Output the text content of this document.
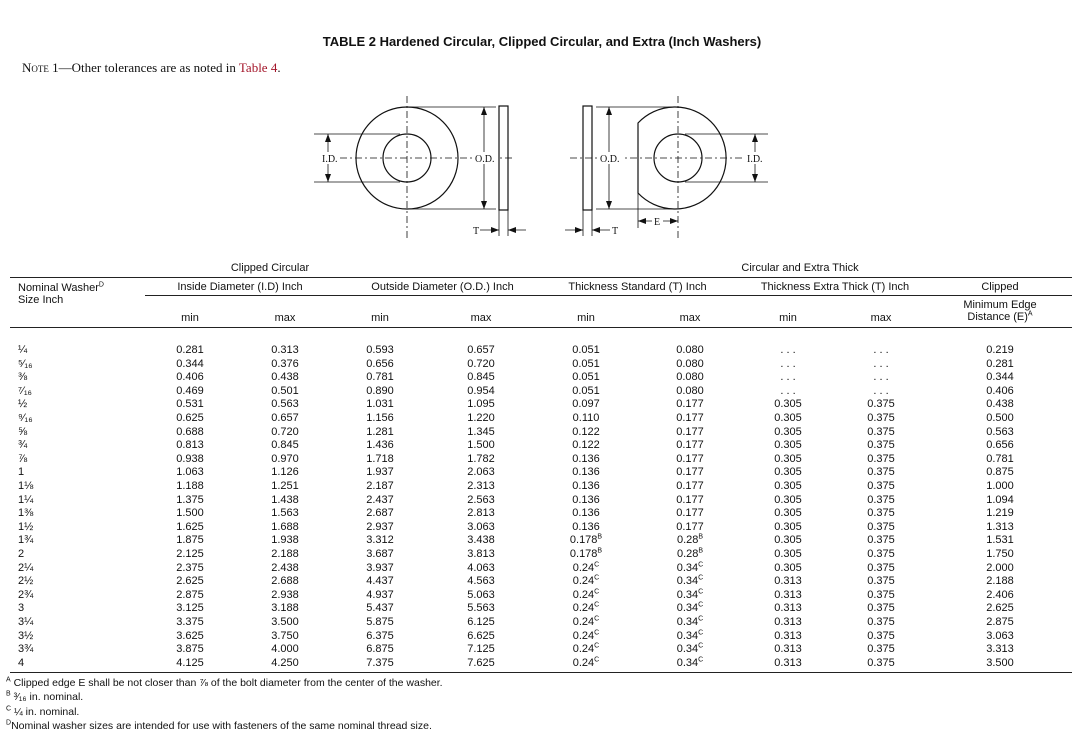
TABLE 2 Hardened Circular, Clipped Circular, and Extra (Inch Washers)
Note 1—Other tolerances are as noted in Table 4.
I.D.	O.D.
T
O.D.	I.D.
T
E
Clipped Circular	Circular and Extra Thick
Nominal Washer$^D$
Size Inch
Inside Diameter (I.D) Inch	Outside Diameter (O.D.) Inch	Thickness Standard (T) Inch	Thickness Extra Thick (T) Inch	Clipped
Minimum Edge
Distance $(E)^A$
min	max	min	max	min	max	min	max
¼	0.281	0.313	0.593	0.657	0.051	0.080	. . .	. . .	0.219
⁵⁄₁₆	0.344	0.376	0.656	0.720	0.051	0.080	. . .	. . .	0.281
⅜	0.406	0.438	0.781	0.845	0.051	0.080	. . .	. . .	0.344
⁷⁄₁₆	0.469	0.501	0.890	0.954	0.051	0.080	. . .	. . .	0.406
½	0.531	0.563	1.031	1.095	0.097	0.177	0.305	0.375	0.438
⁹⁄₁₆	0.625	0.657	1.156	1.220	0.110	0.177	0.305	0.375	0.500
⅝	0.688	0.720	1.281	1.345	0.122	0.177	0.305	0.375	0.563
¾	0.813	0.845	1.436	1.500	0.122	0.177	0.305	0.375	0.656
⅞	0.938	0.970	1.718	1.782	0.136	0.177	0.305	0.375	0.781
1	1.063	1.126	1.937	2.063	0.136	0.177	0.305	0.375	0.875
1⅛	1.188	1.251	2.187	2.313	0.136	0.177	0.305	0.375	1.000
1¼	1.375	1.438	2.437	2.563	0.136	0.177	0.305	0.375	1.094
1⅜	1.500	1.563	2.687	2.813	0.136	0.177	0.305	0.375	1.219
1½	1.625	1.688	2.937	3.063	0.136	0.177	0.305	0.375	1.313
1¾	1.875	1.938	3.312	3.438	$0.178^B$	$0.28^B$	0.305	0.375	1.531
2	2.125	2.188	3.687	3.813	$0.178^B$	$0.28^B$	0.305	0.375	1.750
2¼	2.375	2.438	3.937	4.063	$0.24^C$	$0.34^C$	0.305	0.375	2.000
2½	2.625	2.688	4.437	4.563	$0.24^C$	$0.34^C$	0.313	0.375	2.188
2¾	2.875	2.938	4.937	5.063	$0.24^C$	$0.34^C$	0.313	0.375	2.406
3	3.125	3.188	5.437	5.563	$0.24^C$	$0.34^C$	0.313	0.375	2.625
3¼	3.375	3.500	5.875	6.125	$0.24^C$	$0.34^C$	0.313	0.375	2.875
3½	3.625	3.750	6.375	6.625	$0.24^C$	$0.34^C$	0.313	0.375	3.063
3¾	3.875	4.000	6.875	7.125	$0.24^C$	$0.34^C$	0.313	0.375	3.313
4	4.125	4.250	7.375	7.625	$0.24^C$	$0.34^C$	0.313	0.375	3.500
$^A$ Clipped edge E shall be not closer than ⅞ of the bolt diameter from the center of the washer.
$^B$ ³⁄₁₆ in. nominal.
$^C$ ¼ in. nominal.
$^D$Nominal washer sizes are intended for use with fasteners of the same nominal thread size.
